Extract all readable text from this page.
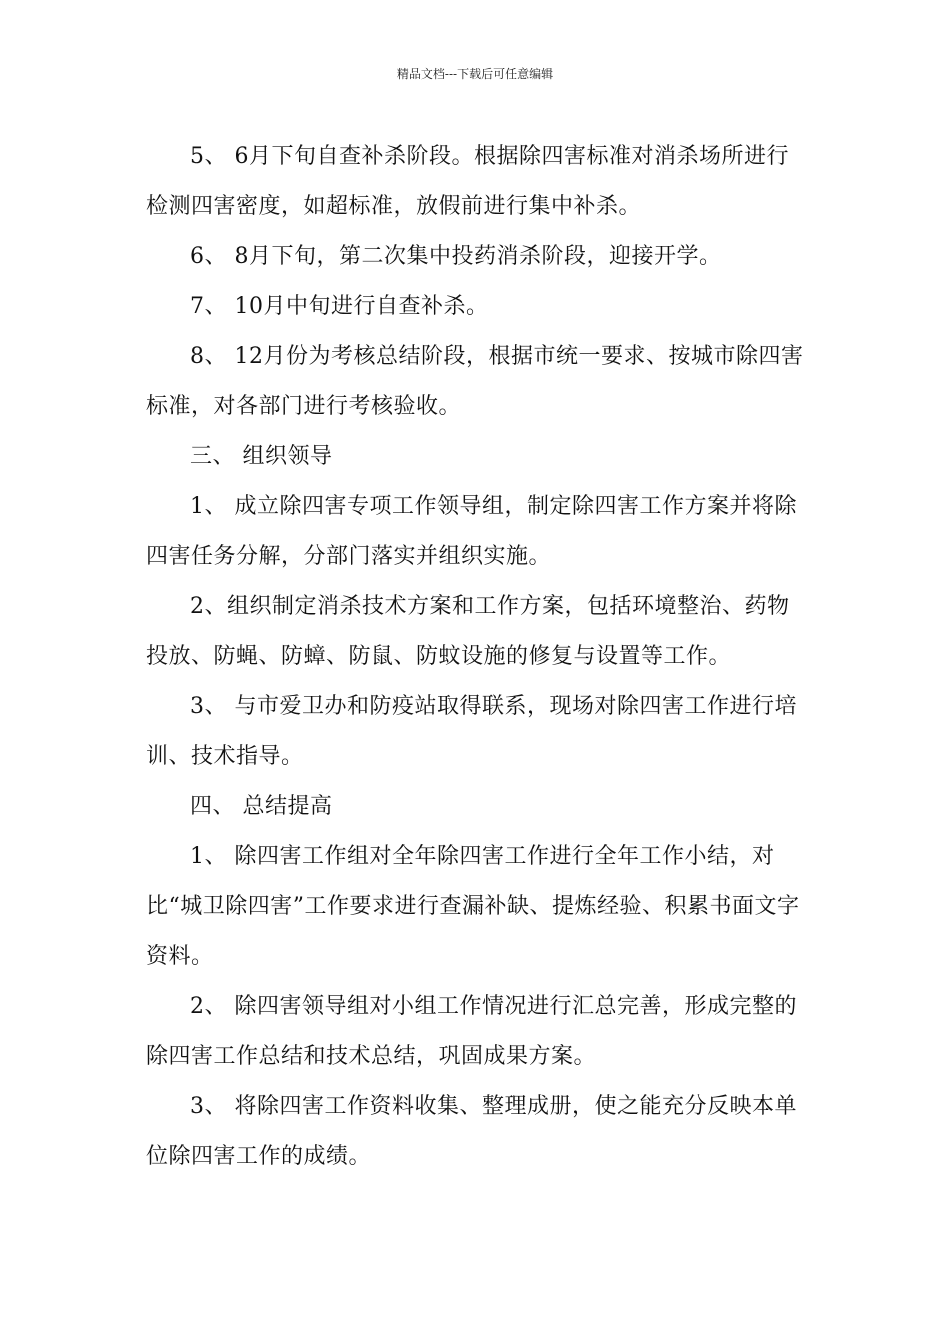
精品文档---下载后可任意编辑

5、 6月下旬自查补杀阶段。根据除四害标准对消杀场所进行检测四害密度，如超标准，放假前进行集中补杀。

6、 8月下旬，第二次集中投药消杀阶段，迎接开学。

7、 10月中旬进行自查补杀。

8、 12月份为考核总结阶段，根据市统一要求、按城市除四害标准，对各部门进行考核验收。

三、 组织领导

1、 成立除四害专项工作领导组，制定除四害工作方案并将除四害任务分解，分部门落实并组织实施。

2、组织制定消杀技术方案和工作方案，包括环境整治、药物投放、防蝇、防蟑、防鼠、防蚊设施的修复与设置等工作。

3、 与市爱卫办和防疫站取得联系，现场对除四害工作进行培训、技术指导。

四、 总结提高

1、 除四害工作组对全年除四害工作进行全年工作小结，对比“城卫除四害”工作要求进行查漏补缺、提炼经验、积累书面文字资料。

2、 除四害领导组对小组工作情况进行汇总完善，形成完整的除四害工作总结和技术总结，巩固成果方案。

3、 将除四害工作资料收集、整理成册，使之能充分反映本单位除四害工作的成绩。
